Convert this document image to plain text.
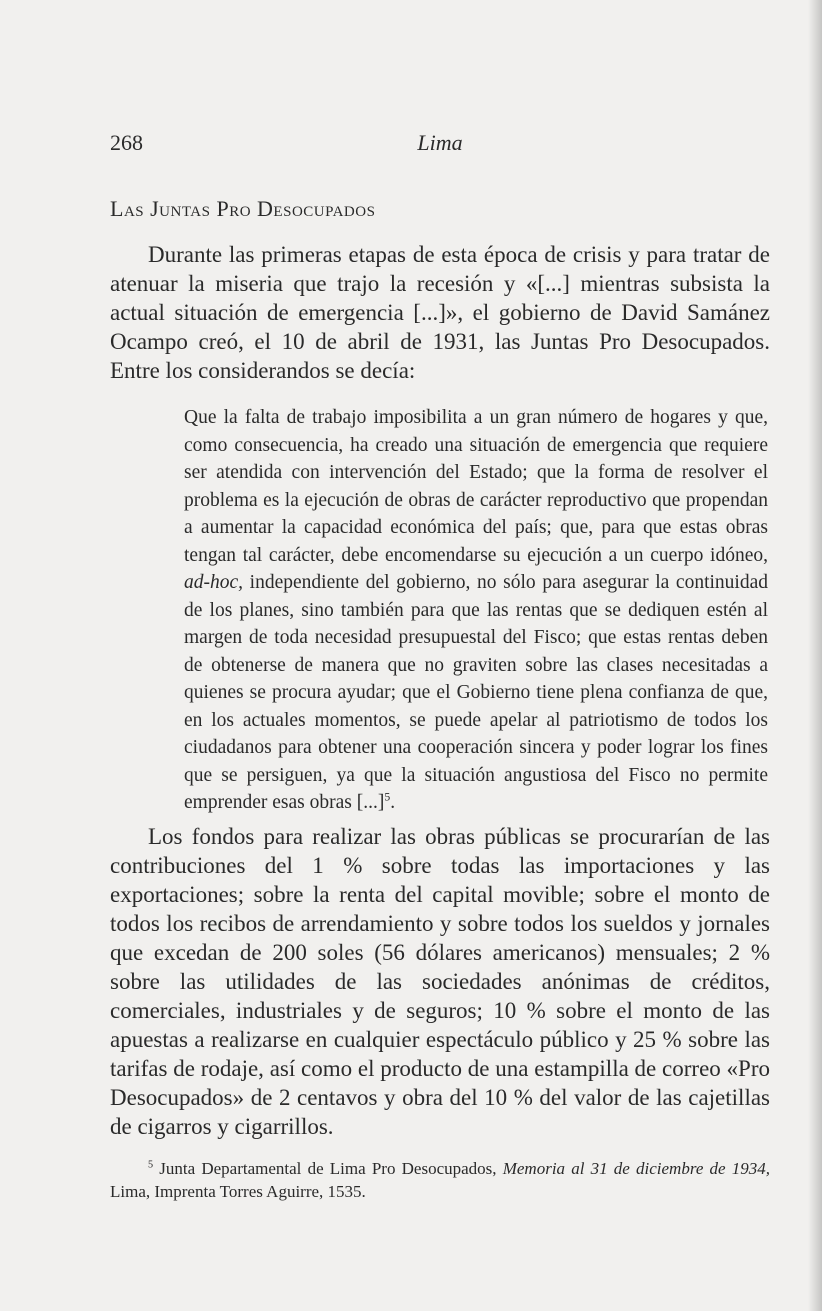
268	Lima
Las Juntas Pro Desocupados

Durante las primeras etapas de esta época de crisis y para tratar de atenuar la miseria que trajo la recesión y «[...] mientras subsista la actual situación de emergencia [...]», el gobierno de David Samánez Ocampo creó, el 10 de abril de 1931, las Juntas Pro Desocupados. Entre los considerandos se decía:

Que la falta de trabajo imposibilita a un gran número de hogares y que, como consecuencia, ha creado una situación de emergencia que requiere ser atendida con intervención del Estado; que la forma de resolver el problema es la ejecución de obras de carácter reproductivo que propendan a aumentar la capacidad económica del país; que, para que estas obras tengan tal carácter, debe encomendarse su ejecución a un cuerpo idóneo, ad-hoc, independiente del gobierno, no sólo para asegurar la continuidad de los planes, sino también para que las rentas que se dediquen estén al margen de toda necesidad presupuestal del Fisco; que estas rentas deben de obtenerse de manera que no graviten sobre las clases necesitadas a quienes se procura ayudar; que el Gobierno tiene plena confianza de que, en los actuales momentos, se puede apelar al patriotismo de todos los ciudadanos para obtener una cooperación sincera y poder lograr los fines que se persiguen, ya que la situación angustiosa del Fisco no permite emprender esas obras [...]$^5$.

Los fondos para realizar las obras públicas se procurarían de las contribuciones del 1 % sobre todas las importaciones y las exportaciones; sobre la renta del capital movible; sobre el monto de todos los recibos de arrendamiento y sobre todos los sueldos y jornales que excedan de 200 soles (56 dólares americanos) mensuales; 2 % sobre las utilidades de las sociedades anónimas de créditos, comerciales, industriales y de seguros; 10 % sobre el monto de las apuestas a realizarse en cualquier espectáculo público y 25 % sobre las tarifas de rodaje, así como el producto de una estampilla de correo «Pro Desocupados» de 2 centavos y obra del 10 % del valor de las cajetillas de cigarros y cigarrillos.

$^5$ Junta Departamental de Lima Pro Desocupados, Memoria al 31 de diciembre de 1934, Lima, Imprenta Torres Aguirre, 1535.
